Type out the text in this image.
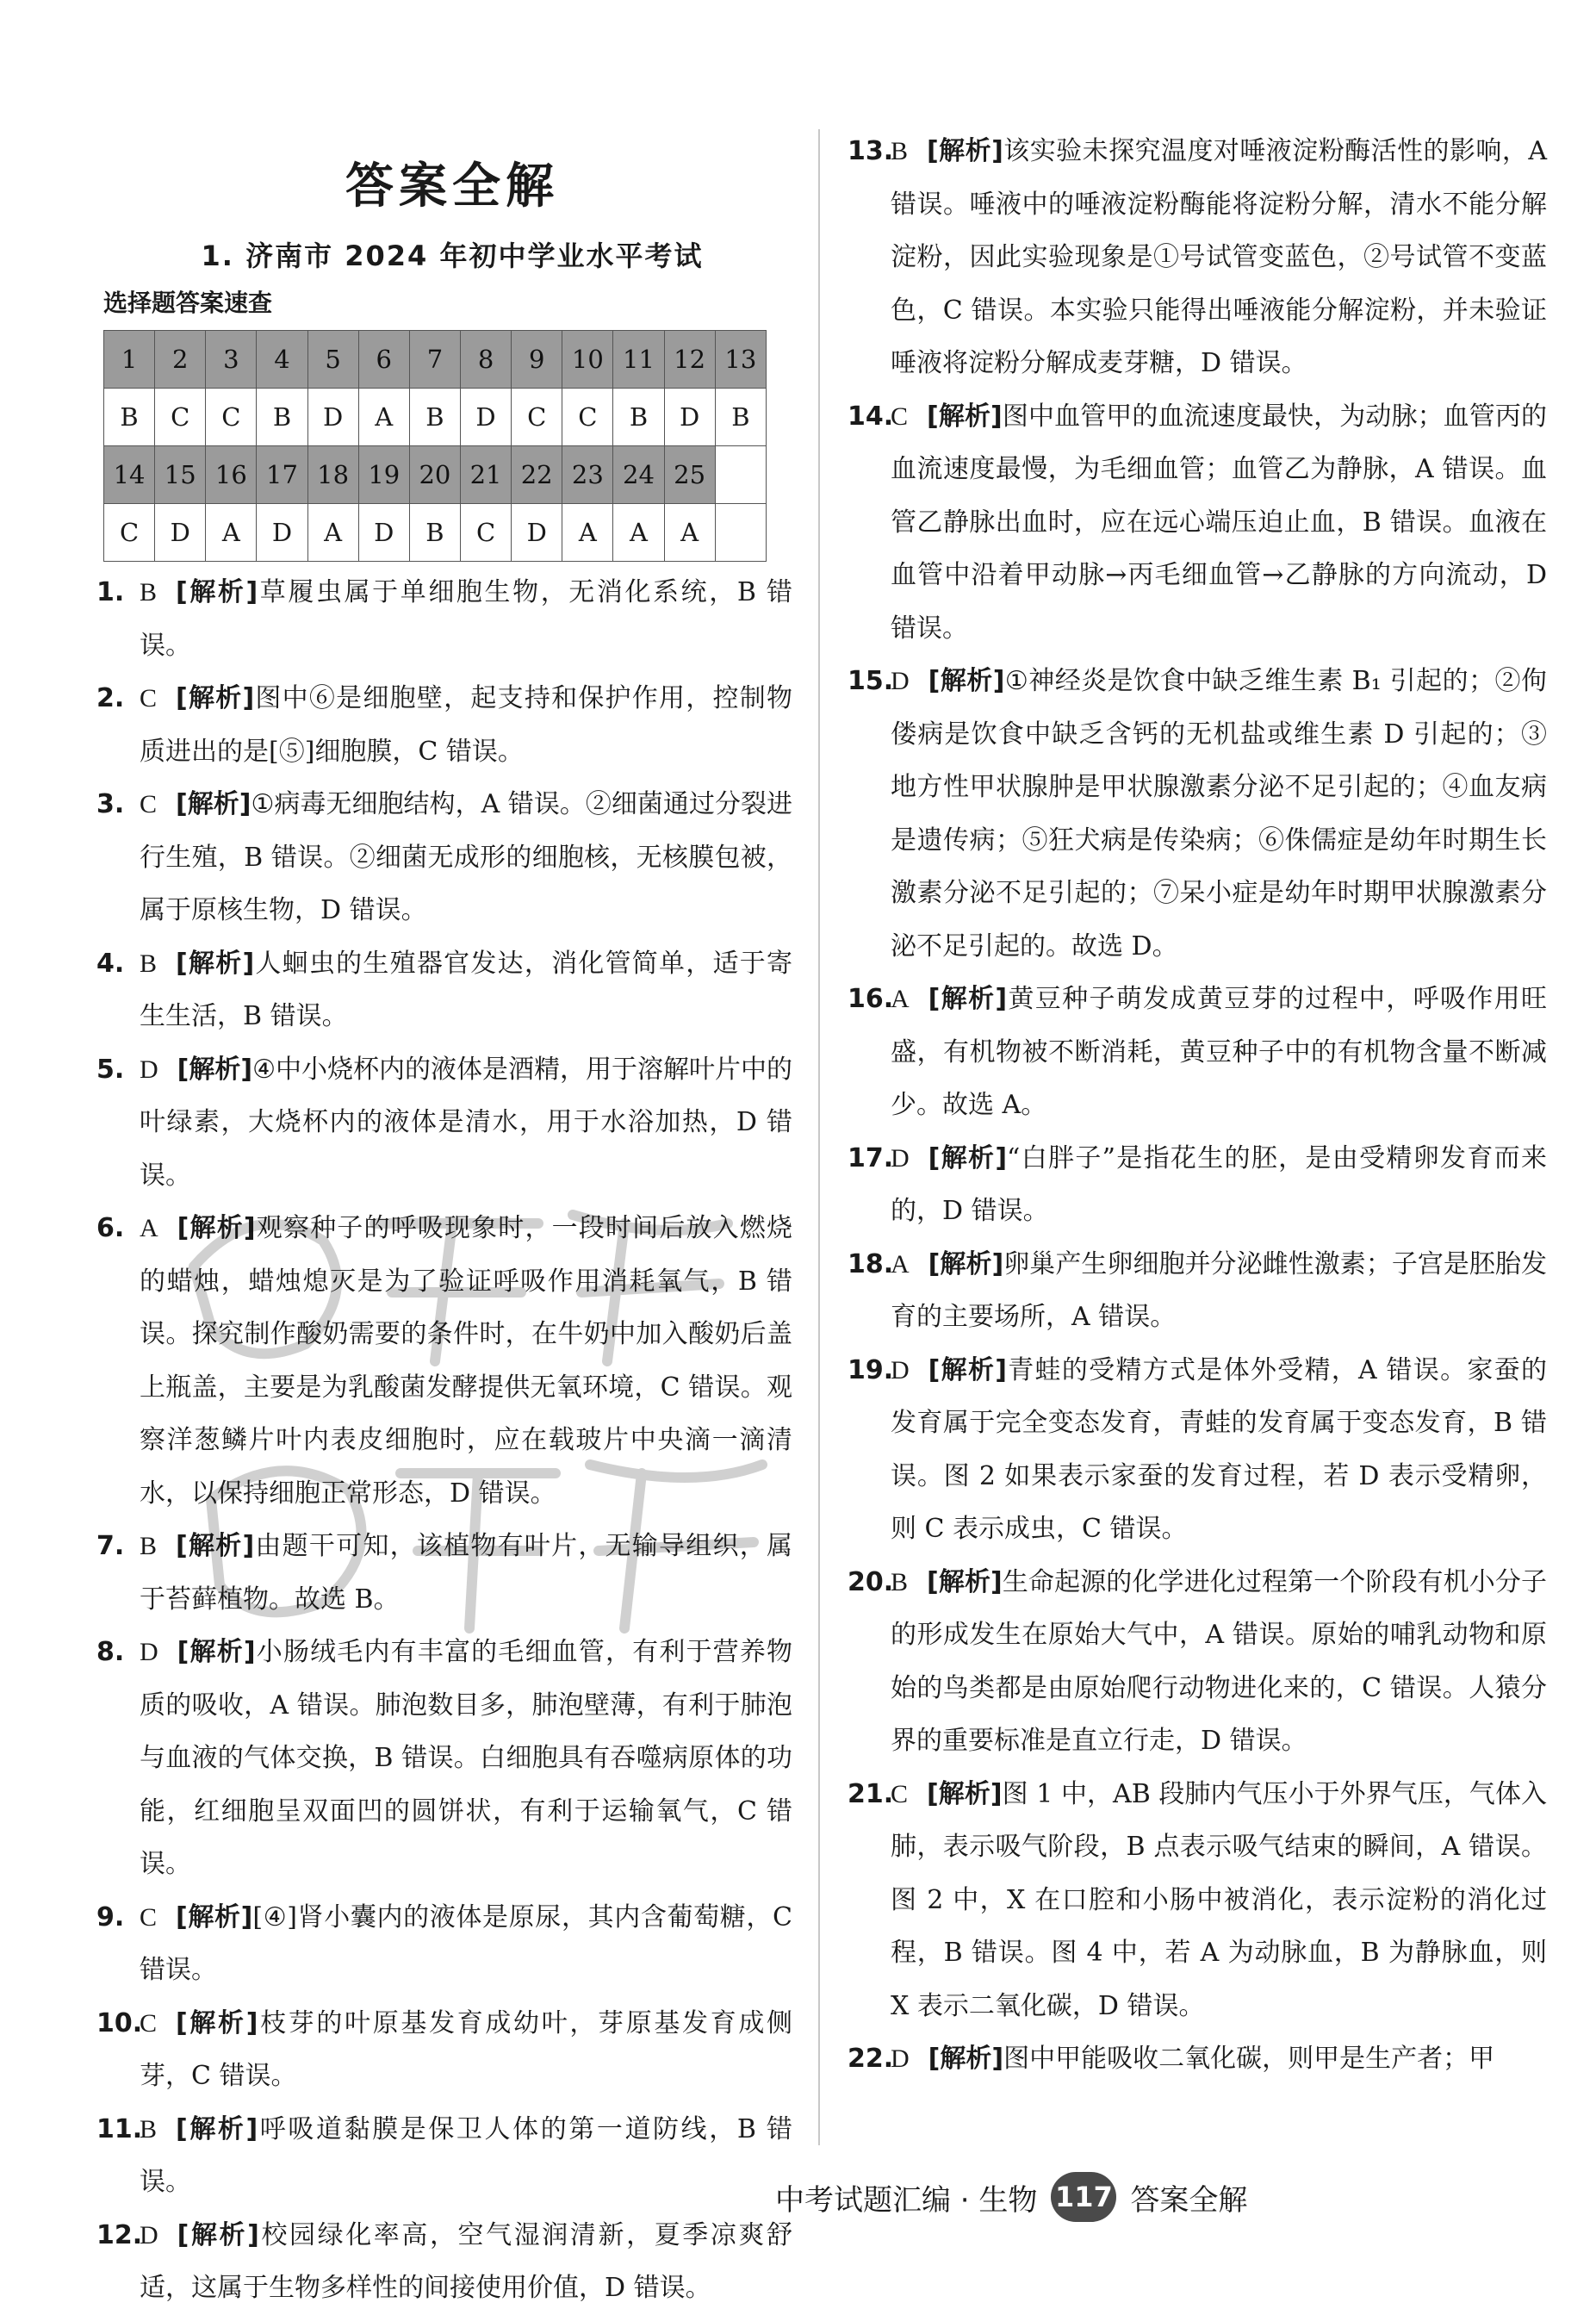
答案全解
1. 济南市 2024 年初中学业水平考试
选择题答案速查
1	2	3	4	5	6	7	8	9	10	11	12	13
B	C	C	B	D	A	B	D	C	C	B	D	B
14	15	16	17	18	19	20	21	22	23	24	25	
C	D	A	D	A	D	B	C	D	A	A	A	

1. B [解析]草履虫属于单细胞生物，无消化系统，B 错误。

2. C [解析]图中⑥是细胞壁，起支持和保护作用，控制物质进出的是[⑤]细胞膜，C 错误。

3. C [解析]①病毒无细胞结构，A 错误。②细菌通过分裂进行生殖，B 错误。②细菌无成形的细胞核，无核膜包被，属于原核生物，D 错误。

4. B [解析]人蛔虫的生殖器官发达，消化管简单，适于寄生生活，B 错误。

5. D [解析]④中小烧杯内的液体是酒精，用于溶解叶片中的叶绿素，大烧杯内的液体是清水，用于水浴加热，D 错误。

6. A [解析]观察种子的呼吸现象时，一段时间后放入燃烧的蜡烛，蜡烛熄灭是为了验证呼吸作用消耗氧气，B 错误。探究制作酸奶需要的条件时，在牛奶中加入酸奶后盖上瓶盖，主要是为乳酸菌发酵提供无氧环境，C 错误。观察洋葱鳞片叶内表皮细胞时，应在载玻片中央滴一滴清水，以保持细胞正常形态，D 错误。

7. B [解析]由题干可知，该植物有叶片，无输导组织，属于苔藓植物。故选 B。

8. D [解析]小肠绒毛内有丰富的毛细血管，有利于营养物质的吸收，A 错误。肺泡数目多，肺泡壁薄，有利于肺泡与血液的气体交换，B 错误。白细胞具有吞噬病原体的功能，红细胞呈双面凹的圆饼状，有利于运输氧气，C 错误。

9. C [解析][④]肾小囊内的液体是原尿，其内含葡萄糖，C 错误。

10.
C [解析]枝芽的叶原基发育成幼叶，芽原基发育成侧芽，C 错误。

11.
B [解析]呼吸道黏膜是保卫人体的第一道防线，B 错误。

12.
D [解析]校园绿化率高，空气湿润清新，夏季凉爽舒适，这属于生物多样性的间接使用价值，D 错误。

13.
B [解析]该实验未探究温度对唾液淀粉酶活性的影响，A 错误。唾液中的唾液淀粉酶能将淀粉分解，清水不能分解淀粉，因此实验现象是①号试管变蓝色，②号试管不变蓝色，C 错误。本实验只能得出唾液能分解淀粉，并未验证唾液将淀粉分解成麦芽糖，D 错误。

14.
C [解析]图中血管甲的血流速度最快，为动脉；血管丙的血流速度最慢，为毛细血管；血管乙为静脉，A 错误。血管乙静脉出血时，应在远心端压迫止血，B 错误。血液在血管中沿着甲动脉→丙毛细血管→乙静脉的方向流动，D 错误。

15.
D [解析]①神经炎是饮食中缺乏维生素 B₁ 引起的；②佝偻病是饮食中缺乏含钙的无机盐或维生素 D 引起的；③地方性甲状腺肿是甲状腺激素分泌不足引起的；④血友病是遗传病；⑤狂犬病是传染病；⑥侏儒症是幼年时期生长激素分泌不足引起的；⑦呆小症是幼年时期甲状腺激素分泌不足引起的。故选 D。

16.
A [解析]黄豆种子萌发成黄豆芽的过程中，呼吸作用旺盛，有机物被不断消耗，黄豆种子中的有机物含量不断减少。故选 A。

17.
D [解析]“白胖子”是指花生的胚，是由受精卵发育而来的，D 错误。

18.
A [解析]卵巢产生卵细胞并分泌雌性激素；子宫是胚胎发育的主要场所，A 错误。

19.
D [解析]青蛙的受精方式是体外受精，A 错误。家蚕的发育属于完全变态发育，青蛙的发育属于变态发育，B 错误。图 2 如果表示家蚕的发育过程，若 D 表示受精卵，则 C 表示成虫，C 错误。

20.
B [解析]生命起源的化学进化过程第一个阶段有机小分子的形成发生在原始大气中，A 错误。原始的哺乳动物和原始的鸟类都是由原始爬行动物进化来的，C 错误。人猿分界的重要标准是直立行走，D 错误。

21.
C [解析]图 1 中，AB 段肺内气压小于外界气压，气体入肺，表示吸气阶段，B 点表示吸气结束的瞬间，A 错误。图 2 中，X 在口腔和小肠中被消化，表示淀粉的消化过程，B 错误。图 4 中，若 A 为动脉血，B 为静脉血，则 X 表示二氧化碳，D 错误。

22.
D [解析]图中甲能吸收二氧化碳，则甲是生产者；甲

中考试题汇编 · 生物 117 答案全解
